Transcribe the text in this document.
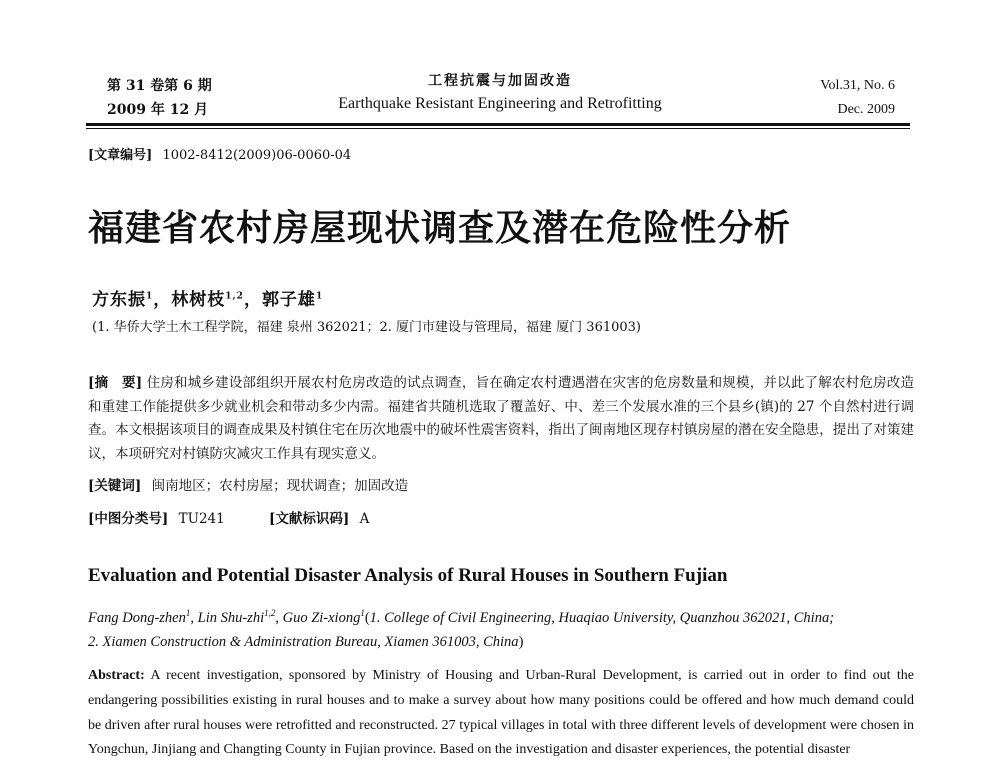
第 31 卷第 6 期
2009 年 12 月
工程抗震与加固改造
Earthquake Resistant Engineering and Retrofitting
Vol.31, No. 6
Dec. 2009
[文章编号] 1002-8412(2009)06-0060-04
福建省农村房屋现状调查及潜在危险性分析
方东振$^1$，林树枝$^{1,2}$，郭子雄$^1$
(1. 华侨大学土木工程学院，福建 泉州 362021；2. 厦门市建设与管理局，福建 厦门 361003)
[摘　要] 住房和城乡建设部组织开展农村危房改造的试点调查，旨在确定农村遭遇潜在灾害的危房数量和规模，并以此了解农村危房改造和重建工作能提供多少就业机会和带动多少内需。福建省共随机选取了覆盖好、中、差三个发展水准的三个县乡(镇)的 27 个自然村进行调查。本文根据该项目的调查成果及村镇住宅在历次地震中的破坏性震害资料，指出了闽南地区现存村镇房屋的潜在安全隐患，提出了对策建议，本项研究对村镇防灾减灾工作具有现实意义。
[关键词] 闽南地区；农村房屋；现状调查；加固改造
[中图分类号] TU241	[文献标识码] A
Evaluation and Potential Disaster Analysis of Rural Houses in Southern Fujian
Fang Dong-zhen$^1$, Lin Shu-zhi$^{1,2}$, Guo Zi-xiong$^1$(1. College of Civil Engineering, Huaqiao University, Quanzhou 362021, China;
2. Xiamen Construction & Administration Bureau, Xiamen 361003, China)
Abstract: A recent investigation, sponsored by Ministry of Housing and Urban-Rural Development, is carried out in order to find out the endangering possibilities existing in rural houses and to make a survey about how many positions could be offered and how much demand could be driven after rural houses were retrofitted and reconstructed. 27 typical villages in total with three different levels of development were chosen in Yongchun, Jinjiang and Changting County in Fujian province. Based on the investigation and disaster experiences, the potential disaster
